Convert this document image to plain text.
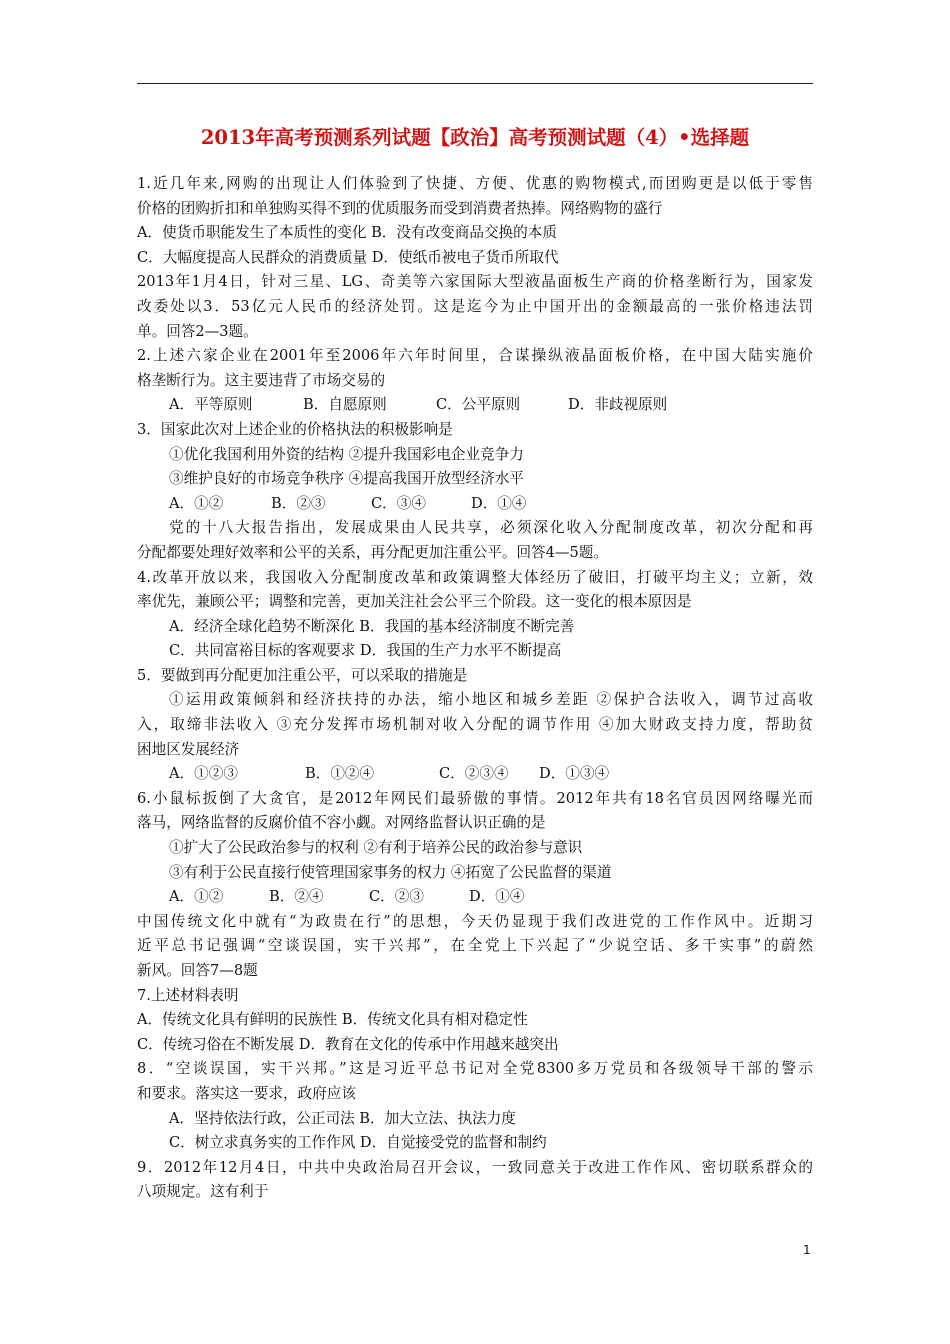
2013年高考预测系列试题【政治】高考预测试题（4）•选择题
1.近几年来,网购的出现让人们体验到了快捷、方便、优惠的购物模式,而团购更是以低于零售
价格的团购折扣和单独购买得不到的优质服务而受到消费者热捧。网络购物的盛行
A．使货币职能发生了本质性的变化 B．没有改变商品交换的本质
C．大幅度提高人民群众的消费质量 D．使纸币被电子货币所取代
2013年1月4日，针对三星、LG、奇美等六家国际大型液晶面板生产商的价格垄断行为，国家发
改委处以3．53亿元人民币的经济处罚。这是迄今为止中国开出的金额最高的一张价格违法罚
单。回答2—3题。
2.上述六家企业在2001年至2006年六年时间里，合谋操纵液晶面板价格，在中国大陆实施价
格垄断行为。这主要违背了市场交易的
A．平等原则	B．自愿原则	C．公平原则	D．非歧视原则
3．国家此次对上述企业的价格执法的积极影响是
①优化我国利用外资的结构 ②提升我国彩电企业竞争力
③维护良好的市场竞争秩序 ④提高我国开放型经济水平
A．①②	B．②③	C．③④	D．①④
党的十八大报告指出，发展成果由人民共享，必须深化收入分配制度改革，初次分配和再
分配都要处理好效率和公平的关系，再分配更加注重公平。回答4—5题。
4.改革开放以来，我国收入分配制度改革和政策调整大体经历了破旧，打破平均主义；立新，效
率优先，兼顾公平；调整和完善，更加关注社会公平三个阶段。这一变化的根本原因是
A．经济全球化趋势不断深化 B．我国的基本经济制度不断完善
C．共同富裕目标的客观要求 D．我国的生产力水平不断提高
5．要做到再分配更加注重公平，可以采取的措施是
①运用政策倾斜和经济扶持的办法，缩小地区和城乡差距 ②保护合法收入，调节过高收
入，取缔非法收入 ③充分发挥市场机制对收入分配的调节作用 ④加大财政支持力度，帮助贫
困地区发展经济
A．①②③	B．①②④	C．②③④ D．①③④
6.小鼠标扳倒了大贪官，是2012年网民们最骄傲的事情。2012年共有18名官员因网络曝光而
落马，网络监督的反腐价值不容小觑。对网络监督认识正确的是
①扩大了公民政治参与的权利 ②有利于培养公民的政治参与意识
③有利于公民直接行使管理国家事务的权力 ④拓宽了公民监督的渠道
A．①②	B．②④	C．②③	D．①④
中国传统文化中就有“为政贵在行”的思想，今天仍显现于我们改进党的工作作风中。近期习
近平总书记强调“空谈误国，实干兴邦”，在全党上下兴起了“少说空话、多干实事”的蔚然
新风。回答7—8题
7.上述材料表明
A．传统文化具有鲜明的民族性 B．传统文化具有相对稳定性
C．传统习俗在不断发展 D．教育在文化的传承中作用越来越突出
8．“空谈误国，实干兴邦。”这是习近平总书记对全党8300多万党员和各级领导干部的警示
和要求。落实这一要求，政府应该
A．坚持依法行政，公正司法 B．加大立法、执法力度
C．树立求真务实的工作作风 D．自觉接受党的监督和制约
9．2012年12月4日，中共中央政治局召开会议，一致同意关于改进工作作风、密切联系群众的
八项规定。这有利于
1
